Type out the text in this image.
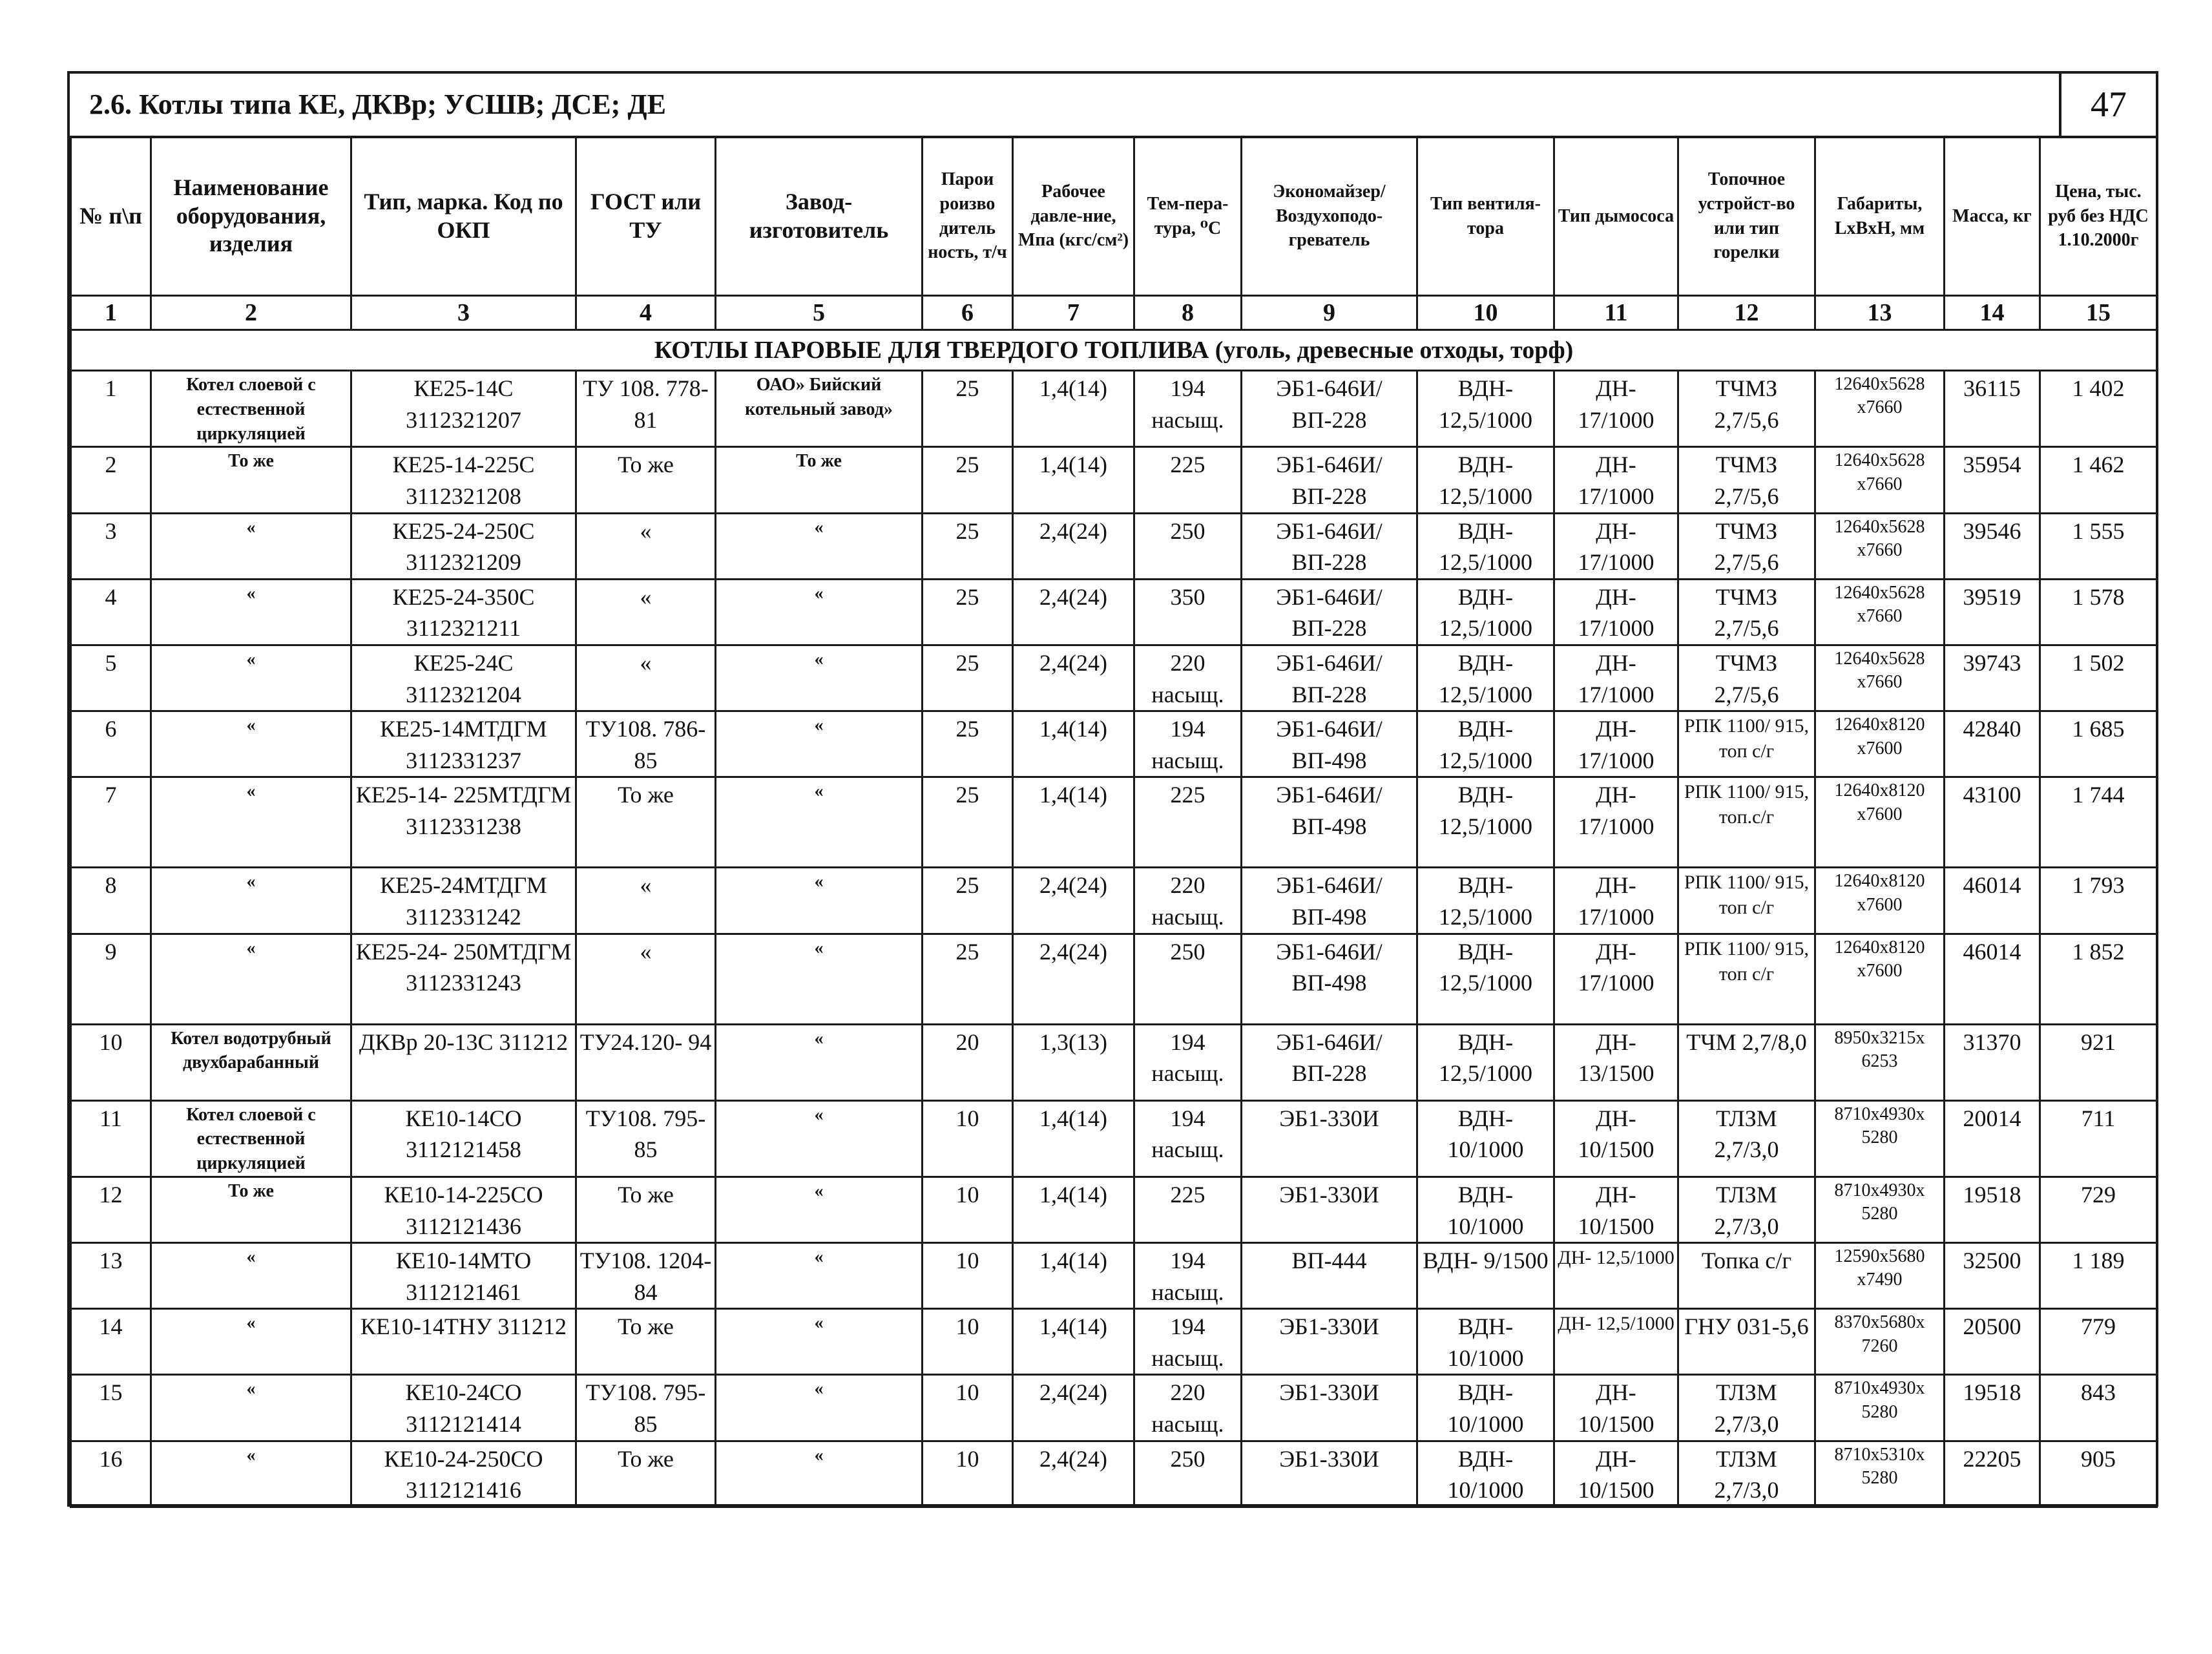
2.6. Котлы типа КЕ, ДКВр; УСШВ; ДСЕ; ДЕ	47
№ п\п	Наименование оборудования, изделия	Тип, марка. Код по ОКП	ГОСТ или ТУ	Завод-изготовитель	Парои роизво дитель ность, т/ч	Рабочее давле-ние, Мпа (кгс/см²)	Тем-пера-тура, ⁰С	Экономайзер/ Воздухоподо-греватель	Тип вентиля-тора	Тип дымососа	Топочное устройст-во или тип горелки	Габариты, LxBxH, мм	Масса, кг	Цена, тыс. руб без НДС 1.10.2000г
1	2	3	4	5	6	7	8	9	10	11	12	13	14	15
КОТЛЫ ПАРОВЫЕ ДЛЯ ТВЕРДОГО ТОПЛИВА (уголь, древесные отходы, торф)														
1	Котел слоевой с естественной циркуляцией	КЕ25-14С 3112321207	ТУ 108. 778-81	ОАО» Бийский котельный завод»	25	1,4(14)	194 насыщ.	ЭБ1-646И/ ВП-228	ВДН- 12,5/1000	ДН- 17/1000	ТЧМЗ 2,7/5,6	12640x5628 x7660	36115	1 402
2	То же	КЕ25-14-225С 3112321208	То же	То же	25	1,4(14)	225	ЭБ1-646И/ ВП-228	ВДН- 12,5/1000	ДН- 17/1000	ТЧМЗ 2,7/5,6	12640x5628 x7660	35954	1 462
3	«	КЕ25-24-250С 3112321209	«	«	25	2,4(24)	250	ЭБ1-646И/ ВП-228	ВДН- 12,5/1000	ДН- 17/1000	ТЧМЗ 2,7/5,6	12640x5628 x7660	39546	1 555
4	«	КЕ25-24-350С 3112321211	«	«	25	2,4(24)	350	ЭБ1-646И/ ВП-228	ВДН- 12,5/1000	ДН- 17/1000	ТЧМЗ 2,7/5,6	12640x5628 x7660	39519	1 578
5	«	КЕ25-24С 3112321204	«	«	25	2,4(24)	220 насыщ.	ЭБ1-646И/ ВП-228	ВДН- 12,5/1000	ДН- 17/1000	ТЧМЗ 2,7/5,6	12640x5628 x7660	39743	1 502
6	«	КЕ25-14МТДГМ 3112331237	ТУ108. 786-85	«	25	1,4(14)	194 насыщ.	ЭБ1-646И/ ВП-498	ВДН- 12,5/1000	ДН- 17/1000	РПК 1100/ 915, топ с/г	12640x8120 x7600	42840	1 685
7	«	КЕ25-14- 225МТДГМ 3112331238	То же	«	25	1,4(14)	225	ЭБ1-646И/ ВП-498	ВДН- 12,5/1000	ДН- 17/1000	РПК 1100/ 915, топ.с/г	12640x8120 x7600	43100	1 744
8	«	КЕ25-24МТДГМ 3112331242	«	«	25	2,4(24)	220 насыщ.	ЭБ1-646И/ ВП-498	ВДН- 12,5/1000	ДН- 17/1000	РПК 1100/ 915, топ с/г	12640x8120 x7600	46014	1 793
9	«	КЕ25-24- 250МТДГМ 3112331243	«	«	25	2,4(24)	250	ЭБ1-646И/ ВП-498	ВДН- 12,5/1000	ДН- 17/1000	РПК 1100/ 915, топ с/г	12640x8120 x7600	46014	1 852
10	Котел водотрубный двухбарабанный	ДКВр 20-13С 311212	ТУ24.120- 94	«	20	1,3(13)	194 насыщ.	ЭБ1-646И/ ВП-228	ВДН- 12,5/1000	ДН- 13/1500	ТЧМ 2,7/8,0	8950x3215x 6253	31370	921
11	Котел слоевой с естественной циркуляцией	КЕ10-14СО 3112121458	ТУ108. 795-85	«	10	1,4(14)	194 насыщ.	ЭБ1-330И	ВДН- 10/1000	ДН- 10/1500	ТЛЗМ 2,7/3,0	8710x4930x 5280	20014	711
12	То же	КЕ10-14-225СО 3112121436	То же	«	10	1,4(14)	225	ЭБ1-330И	ВДН- 10/1000	ДН- 10/1500	ТЛЗМ 2,7/3,0	8710x4930x 5280	19518	729
13	«	КЕ10-14МТО 3112121461	ТУ108. 1204-84	«	10	1,4(14)	194 насыщ.	ВП-444	ВДН- 9/1500	ДН- 12,5/1000	Топка с/г	12590x5680 x7490	32500	1 189
14	«	КЕ10-14ТНУ 311212	То же	«	10	1,4(14)	194 насыщ.	ЭБ1-330И	ВДН- 10/1000	ДН- 12,5/1000	ГНУ 031-5,6	8370x5680x 7260	20500	779
15	«	КЕ10-24СО 3112121414	ТУ108. 795-85	«	10	2,4(24)	220 насыщ.	ЭБ1-330И	ВДН- 10/1000	ДН- 10/1500	ТЛЗМ 2,7/3,0	8710x4930x 5280	19518	843
16	«	КЕ10-24-250СО 3112121416	То же	«	10	2,4(24)	250	ЭБ1-330И	ВДН- 10/1000	ДН- 10/1500	ТЛЗМ 2,7/3,0	8710x5310x 5280	22205	905
